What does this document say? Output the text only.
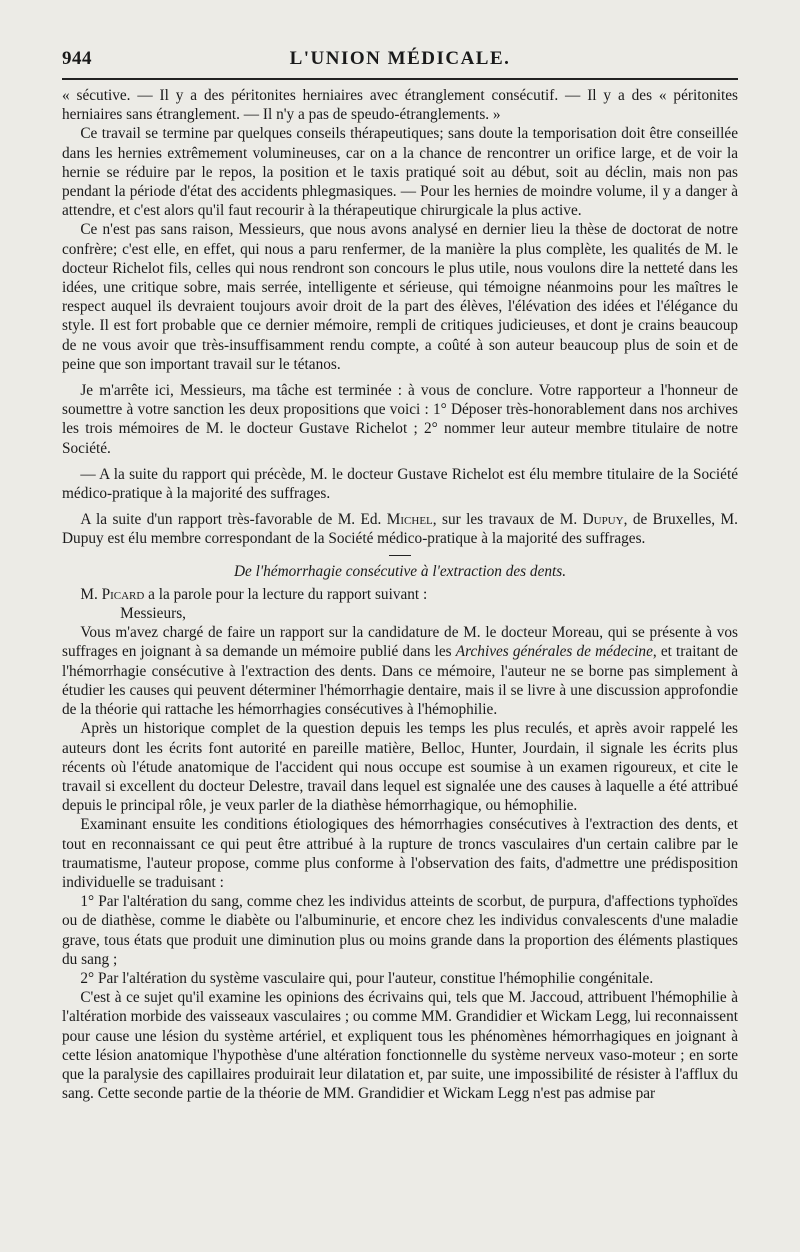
944	L'UNION MÉDICALE.

« sécutive. — Il y a des péritonites herniaires avec étranglement consécutif. — Il y a des « péritonites herniaires sans étranglement. — Il n'y a pas de speudo-étranglements. »

Ce travail se termine par quelques conseils thérapeutiques; sans doute la temporisation doit être conseillée dans les hernies extrêmement volumineuses, car on a la chance de rencontrer un orifice large, et de voir la hernie se réduire par le repos, la position et le taxis pratiqué soit au début, soit au déclin, mais non pas pendant la période d'état des accidents phlegmasiques. — Pour les hernies de moindre volume, il y a danger à attendre, et c'est alors qu'il faut recourir à la thérapeutique chirurgicale la plus active.

Ce n'est pas sans raison, Messieurs, que nous avons analysé en dernier lieu la thèse de doctorat de notre confrère; c'est elle, en effet, qui nous a paru renfermer, de la manière la plus complète, les qualités de M. le docteur Richelot fils, celles qui nous rendront son concours le plus utile, nous voulons dire la netteté dans les idées, une critique sobre, mais serrée, intelligente et sérieuse, qui témoigne néanmoins pour les maîtres le respect auquel ils devraient toujours avoir droit de la part des élèves, l'élévation des idées et l'élégance du style. Il est fort probable que ce dernier mémoire, rempli de critiques judicieuses, et dont je crains beaucoup de ne vous avoir que très-insuffisamment rendu compte, a coûté à son auteur beaucoup plus de soin et de peine que son important travail sur le tétanos.

Je m'arrête ici, Messieurs, ma tâche est terminée : à vous de conclure. Votre rapporteur a l'honneur de soumettre à votre sanction les deux propositions que voici : 1° Déposer très-honorablement dans nos archives les trois mémoires de M. le docteur Gustave Richelot ; 2° nommer leur auteur membre titulaire de notre Société.

— A la suite du rapport qui précède, M. le docteur Gustave Richelot est élu membre titulaire de la Société médico-pratique à la majorité des suffrages.

A la suite d'un rapport très-favorable de M. Ed. Michel, sur les travaux de M. Dupuy, de Bruxelles, M. Dupuy est élu membre correspondant de la Société médico-pratique à la majorité des suffrages.

De l'hémorrhagie consécutive à l'extraction des dents.

M. Picard a la parole pour la lecture du rapport suivant :

Messieurs,

Vous m'avez chargé de faire un rapport sur la candidature de M. le docteur Moreau, qui se présente à vos suffrages en joignant à sa demande un mémoire publié dans les Archives générales de médecine, et traitant de l'hémorrhagie consécutive à l'extraction des dents. Dans ce mémoire, l'auteur ne se borne pas simplement à étudier les causes qui peuvent déterminer l'hémorrhagie dentaire, mais il se livre à une discussion approfondie de la théorie qui rattache les hémorrhagies consécutives à l'hémophilie.

Après un historique complet de la question depuis les temps les plus reculés, et après avoir rappelé les auteurs dont les écrits font autorité en pareille matière, Belloc, Hunter, Jourdain, il signale les écrits plus récents où l'étude anatomique de l'accident qui nous occupe est soumise à un examen rigoureux, et cite le travail si excellent du docteur Delestre, travail dans lequel est signalée une des causes à laquelle a été attribué depuis le principal rôle, je veux parler de la diathèse hémorrhagique, ou hémophilie.

Examinant ensuite les conditions étiologiques des hémorrhagies consécutives à l'extraction des dents, et tout en reconnaissant ce qui peut être attribué à la rupture de troncs vasculaires d'un certain calibre par le traumatisme, l'auteur propose, comme plus conforme à l'observation des faits, d'admettre une prédisposition individuelle se traduisant :

1° Par l'altération du sang, comme chez les individus atteints de scorbut, de purpura, d'affections typhoïdes ou de diathèse, comme le diabète ou l'albuminurie, et encore chez les individus convalescents d'une maladie grave, tous états que produit une diminution plus ou moins grande dans la proportion des éléments plastiques du sang ;

2° Par l'altération du système vasculaire qui, pour l'auteur, constitue l'hémophilie congénitale.

C'est à ce sujet qu'il examine les opinions des écrivains qui, tels que M. Jaccoud, attribuent l'hémophilie à l'altération morbide des vaisseaux vasculaires ; ou comme MM. Grandidier et Wickam Legg, lui reconnaissent pour cause une lésion du système artériel, et expliquent tous les phénomènes hémorrhagiques en joignant à cette lésion anatomique l'hypothèse d'une altération fonctionnelle du système nerveux vaso-moteur ; en sorte que la paralysie des capillaires produirait leur dilatation et, par suite, une impossibilité de résister à l'afflux du sang. Cette seconde partie de la théorie de MM. Grandidier et Wickam Legg n'est pas admise par
